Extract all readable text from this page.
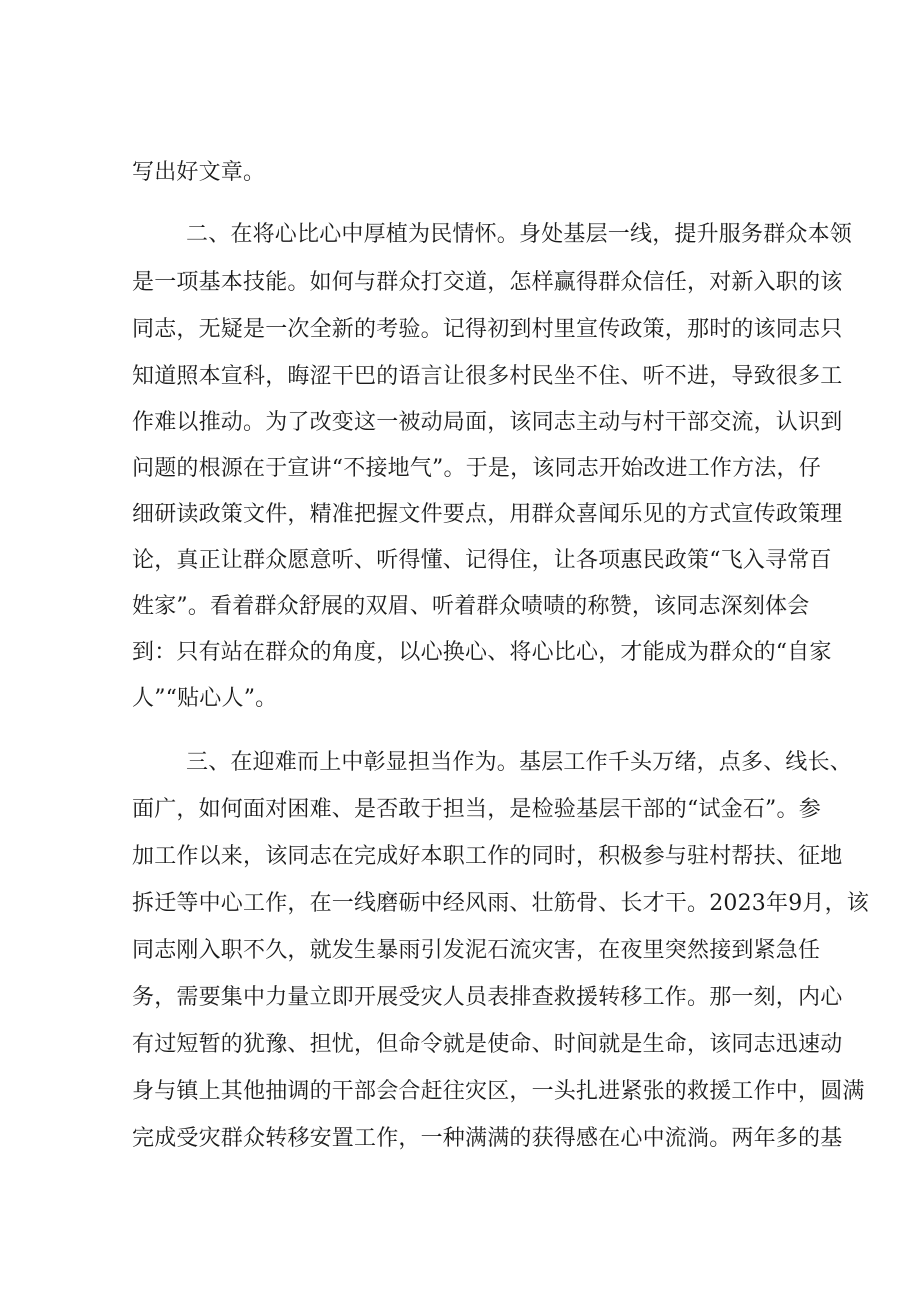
写出好文章。
二、在将心比心中厚植为民情怀。身处基层一线，提升服务群众本领
是一项基本技能。如何与群众打交道，怎样赢得群众信任，对新入职的该
同志，无疑是一次全新的考验。记得初到村里宣传政策，那时的该同志只
知道照本宣科，晦涩干巴的语言让很多村民坐不住、听不进，导致很多工
作难以推动。为了改变这一被动局面，该同志主动与村干部交流，认识到
问题的根源在于宣讲“不接地气”。于是，该同志开始改进工作方法，仔
细研读政策文件，精准把握文件要点，用群众喜闻乐见的方式宣传政策理
论，真正让群众愿意听、听得懂、记得住，让各项惠民政策“飞入寻常百
姓家”。看着群众舒展的双眉、听着群众啧啧的称赞，该同志深刻体会
到：只有站在群众的角度，以心换心、将心比心，才能成为群众的“自家
人”“贴心人”。
三、在迎难而上中彰显担当作为。基层工作千头万绪，点多、线长、
面广，如何面对困难、是否敢于担当，是检验基层干部的“试金石”。参
加工作以来，该同志在完成好本职工作的同时，积极参与驻村帮扶、征地
拆迁等中心工作，在一线磨砺中经风雨、壮筋骨、长才干。2023年9月，该
同志刚入职不久，就发生暴雨引发泥石流灾害，在夜里突然接到紧急任
务，需要集中力量立即开展受灾人员表排查救援转移工作。那一刻，内心
有过短暂的犹豫、担忧，但命令就是使命、时间就是生命，该同志迅速动
身与镇上其他抽调的干部会合赶往灾区，一头扎进紧张的救援工作中，圆满
完成受灾群众转移安置工作，一种满满的获得感在心中流淌。两年多的基
